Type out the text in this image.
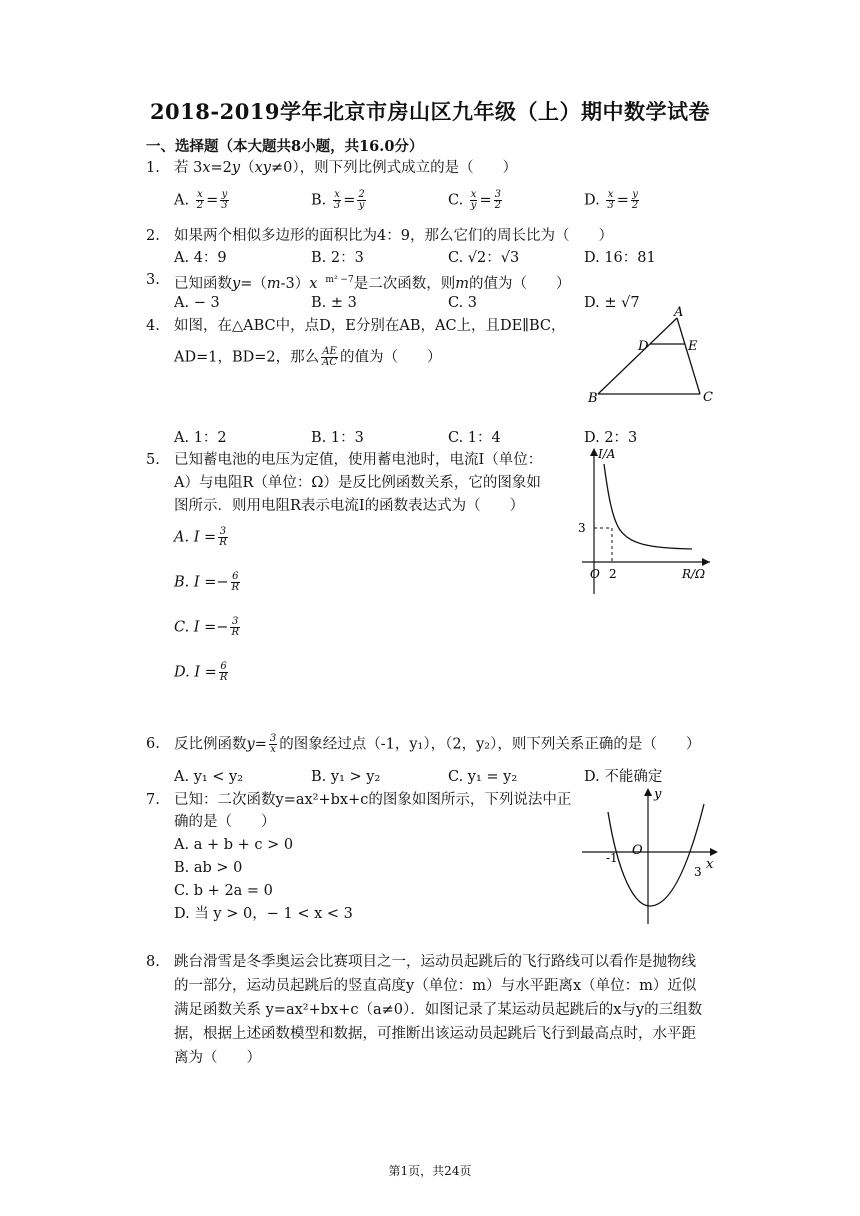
2018-2019学年北京市房山区九年级（上）期中数学试卷
一、选择题（本大题共8小题，共16.0分）
1. 若 3x=2y（xy≠0），则下列比例式成立的是（　　）
A. $\frac{x}{2} = \frac{y}{3}$	B. $\frac{x}{3} = \frac{2}{y}$	C. $\frac{x}{y} = \frac{3}{2}$	D. $\frac{x}{3} = \frac{y}{2}$
2. 如果两个相似多边形的面积比为4：9，那么它们的周长比为（　　）
A. 4：9	B. 2：3	C. √2：√3	D. 16：81
3. 已知函数y=（m-3）x $^{m^2 -7}$是二次函数，则m的值为（　　）
A. − 3	B. ± 3	C. 3	D. ± √7
4. 如图，在△ABC中，点D，E分别在AB，AC上，且DE∥BC，
AD=1，BD=2，那么 $\frac{AE}{AC}$ 的值为（　　）
A
D	E
B	C
A. 1：2	B. 1：3	C. 1：4	D. 2：3
5. 已知蓄电池的电压为定值，使用蓄电池时，电流I（单位：
A）与电阻R（单位：Ω）是反比例函数关系，它的图象如
图所示．则用电阻R表示电流I的函数表达式为（　　）
A. $I = \frac{3}{R}$
B. $I =- \frac{6}{R}$
C. $I =- \frac{3}{R}$
D. $I = \frac{6}{R}$
I/A
R/Ω
O 2
3
6. 反比例函数$y= \frac{3}{x}$ 的图象经过点（-1，y₁），（2，y₂），则下列关系正确的是（　　）
A. y₁ < y₂	B. y₁ > y₂	C. y₁ = y₂	D. 不能确定
7. 已知：二次函数y=ax²+bx+c的图象如图所示，下列说法中正
确的是（　　）
A. a + b + c > 0
B. ab > 0
C. b + 2a = 0
D. 当 y > 0，− 1 < x < 3
y
x
O
-1
3
8. 跳台滑雪是冬季奥运会比赛项目之一，运动员起跳后的飞行路线可以看作是抛物线
的一部分，运动员起跳后的竖直高度y（单位：m）与水平距离x（单位：m）近似
满足函数关系 y=ax²+bx+c（a≠0）．如图记录了某运动员起跳后的x与y的三组数
据，根据上述函数模型和数据，可推断出该运动员起跳后飞行到最高点时，水平距
离为（　　）
第1页，共24页
